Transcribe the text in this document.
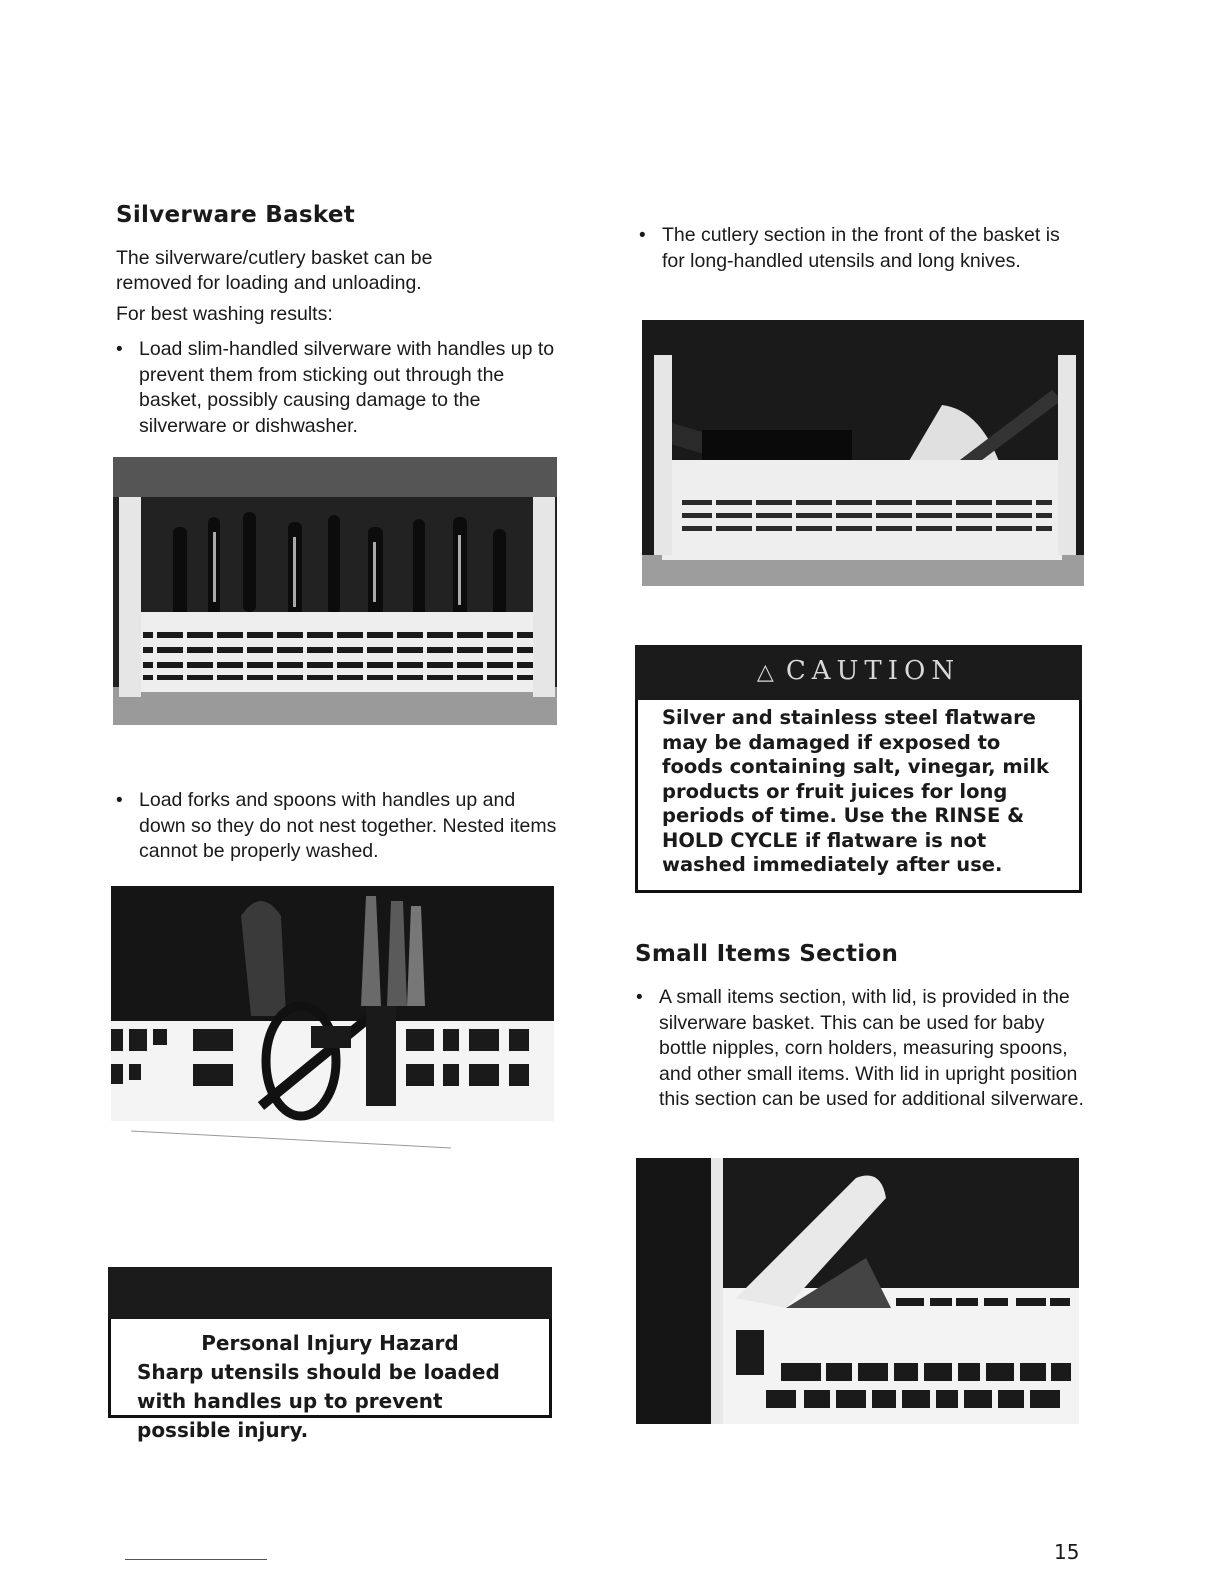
Silverware Basket

The silverware/cutlery basket can be removed for loading and unloading.

For best washing results:

• Load slim-handled silverware with handles up to prevent them from sticking out through the basket, possibly causing damage to the silverware or dishwasher.
• Load forks and spoons with handles up and down so they do not nest together. Nested items cannot be properly washed.
Personal Injury Hazard
Sharp utensils should be loaded with handles up to prevent possible injury.
• The cutlery section in the front of the basket is for long-handled utensils and long knives.
△ CAUTION
Silver and stainless steel flatware may be damaged if exposed to foods containing salt, vinegar, milk products or fruit juices for long periods of time. Use the RINSE & HOLD CYCLE if flatware is not washed immediately after use.
Small Items Section
• A small items section, with lid, is provided in the silverware basket. This can be used for baby bottle nipples, corn holders, measuring spoons, and other small items. With lid in upright position this section can be used for additional silverware.
15
